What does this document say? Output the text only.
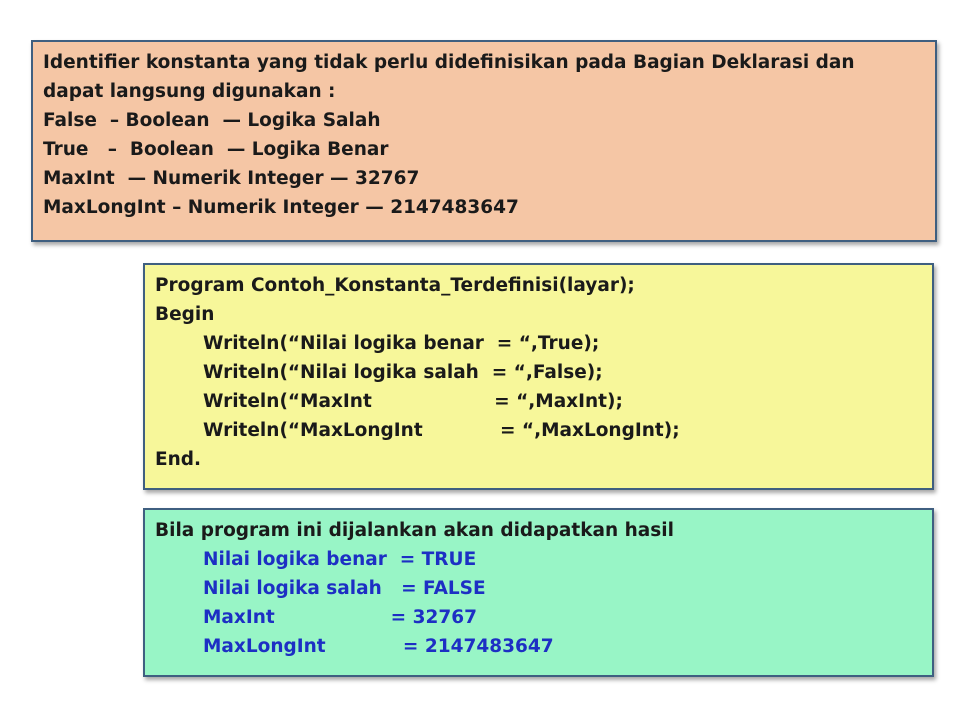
Identifier konstanta yang tidak perlu didefinisikan pada Bagian Deklarasi dan
dapat langsung digunakan :
False  – Boolean  — Logika Salah
True   –  Boolean  — Logika Benar
MaxInt  — Numerik Integer — 32767
MaxLongInt – Numerik Integer — 2147483647
Program Contoh_Konstanta_Terdefinisi(layar);
Begin
Writeln(“Nilai logika benar  = “,True);
Writeln(“Nilai logika salah  = “,False);
Writeln(“MaxInt                   = “,MaxInt);
Writeln(“MaxLongInt            = “,MaxLongInt);
End.
Bila program ini dijalankan akan didapatkan hasil
Nilai logika benar  = TRUE
Nilai logika salah   = FALSE
MaxInt                  = 32767
MaxLongInt            = 2147483647
